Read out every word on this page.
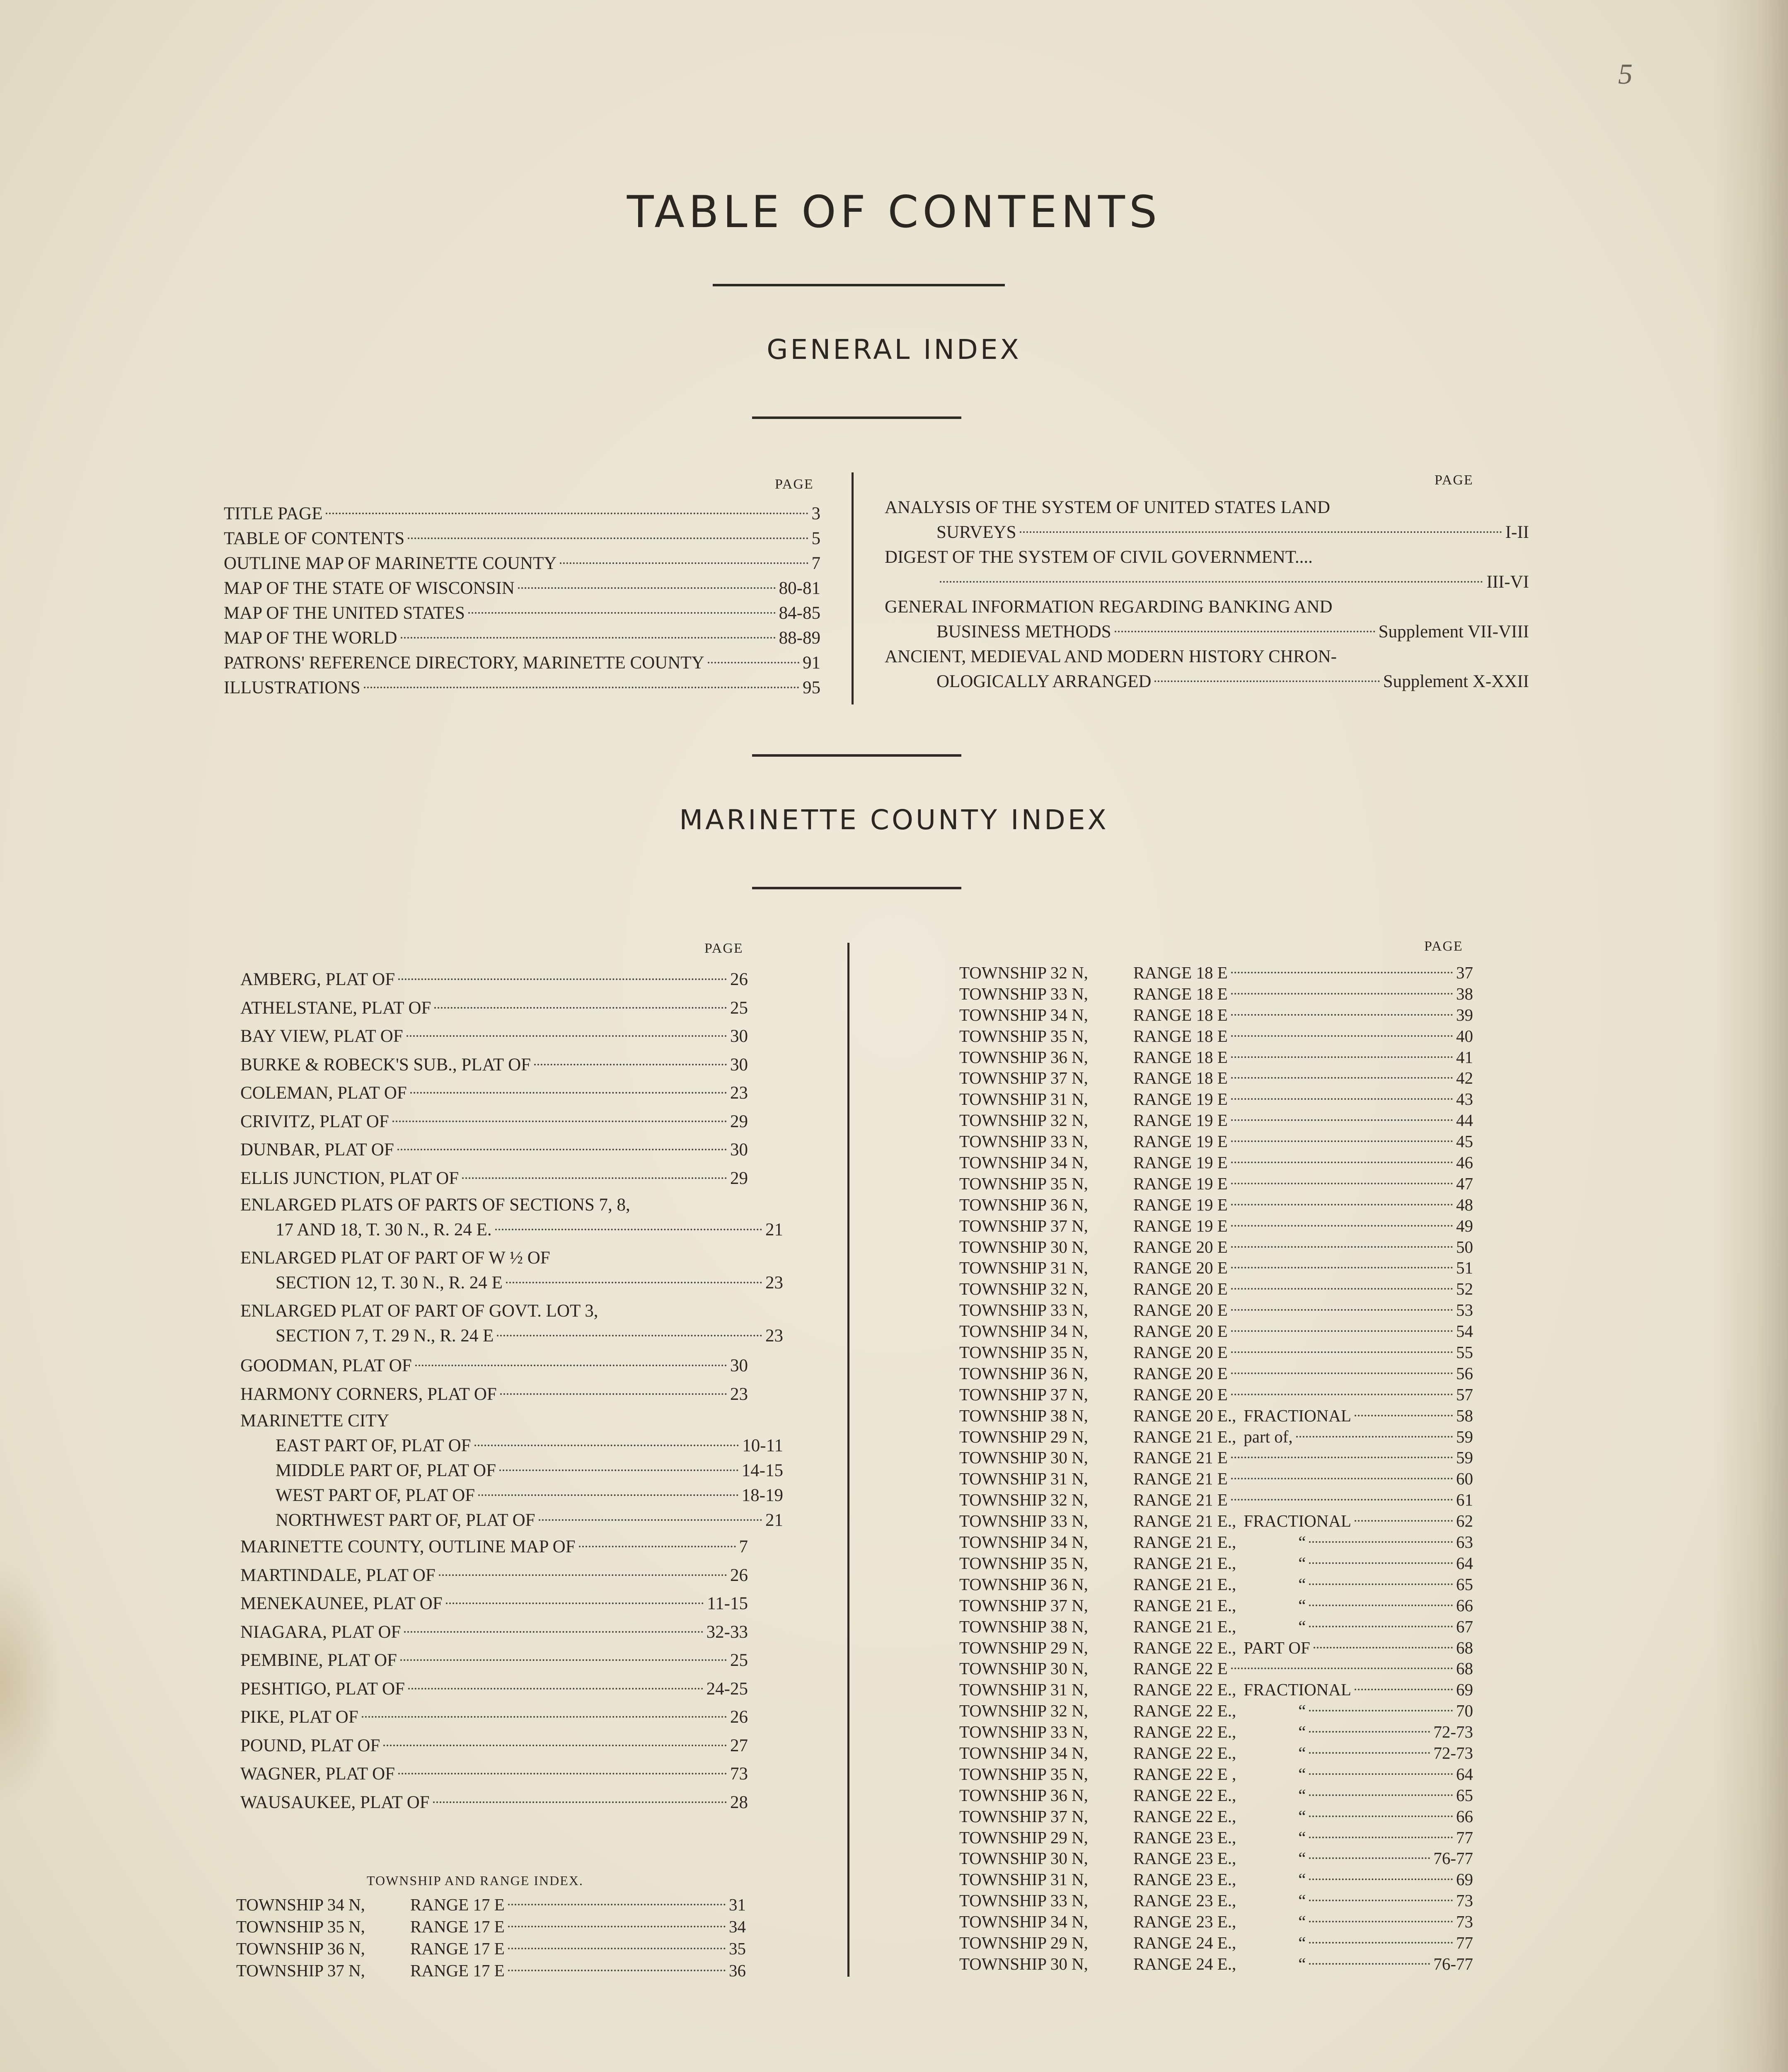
5
TABLE OF CONTENTS
GENERAL INDEX
PAGE
TITLE PAGE	3
TABLE OF CONTENTS	5
OUTLINE MAP OF MARINETTE COUNTY	7
MAP OF THE STATE OF WISCONSIN	80-81
MAP OF THE UNITED STATES	84-85
MAP OF THE WORLD	88-89
PATRONS' REFERENCE DIRECTORY, MARINETTE COUNTY	91
ILLUSTRATIONS	95
PAGE
ANALYSIS OF THE SYSTEM OF UNITED STATES LAND
SURVEYS	I-II
DIGEST OF THE SYSTEM OF CIVIL GOVERNMENT....
III-VI
GENERAL INFORMATION REGARDING BANKING AND
BUSINESS METHODS	Supplement VII-VIII
ANCIENT, MEDIEVAL AND MODERN HISTORY CHRON-
OLOGICALLY ARRANGED	Supplement X-XXII
MARINETTE COUNTY INDEX
PAGE
AMBERG, PLAT OF	26
ATHELSTANE, PLAT OF	25
BAY VIEW, PLAT OF	30
BURKE & ROBECK'S SUB., PLAT OF	30
COLEMAN, PLAT OF	23
CRIVITZ, PLAT OF	29
DUNBAR, PLAT OF	30
ELLIS JUNCTION, PLAT OF	29
ENLARGED PLATS OF PARTS OF SECTIONS 7, 8,
17 AND 18, T. 30 N., R. 24 E.	21
ENLARGED PLAT OF PART OF W ½ OF
SECTION 12, T. 30 N., R. 24 E	23
ENLARGED PLAT OF PART OF GOVT. LOT 3,
SECTION 7, T. 29 N., R. 24 E	23
GOODMAN, PLAT OF	30
HARMONY CORNERS, PLAT OF	23
MARINETTE CITY
EAST PART OF, PLAT OF	10-11
MIDDLE PART OF, PLAT OF	14-15
WEST PART OF, PLAT OF	18-19
NORTHWEST PART OF, PLAT OF	21
MARINETTE COUNTY, OUTLINE MAP OF	7
MARTINDALE, PLAT OF	26
MENEKAUNEE, PLAT OF	11-15
NIAGARA, PLAT OF	32-33
PEMBINE, PLAT OF	25
PESHTIGO, PLAT OF	24-25
PIKE, PLAT OF	26
POUND, PLAT OF	27
WAGNER, PLAT OF	73
WAUSAUKEE, PLAT OF	28
TOWNSHIP AND RANGE INDEX.
TOWNSHIP 34 N,	RANGE 17 E	31
TOWNSHIP 35 N,	RANGE 17 E	34
TOWNSHIP 36 N,	RANGE 17 E	35
TOWNSHIP 37 N,	RANGE 17 E	36
PAGE
TOWNSHIP 32 N,	RANGE 18 E	37
TOWNSHIP 33 N,	RANGE 18 E	38
TOWNSHIP 34 N,	RANGE 18 E	39
TOWNSHIP 35 N,	RANGE 18 E	40
TOWNSHIP 36 N,	RANGE 18 E	41
TOWNSHIP 37 N,	RANGE 18 E	42
TOWNSHIP 31 N,	RANGE 19 E	43
TOWNSHIP 32 N,	RANGE 19 E	44
TOWNSHIP 33 N,	RANGE 19 E	45
TOWNSHIP 34 N,	RANGE 19 E	46
TOWNSHIP 35 N,	RANGE 19 E	47
TOWNSHIP 36 N,	RANGE 19 E	48
TOWNSHIP 37 N,	RANGE 19 E	49
TOWNSHIP 30 N,	RANGE 20 E	50
TOWNSHIP 31 N,	RANGE 20 E	51
TOWNSHIP 32 N,	RANGE 20 E	52
TOWNSHIP 33 N,	RANGE 20 E	53
TOWNSHIP 34 N,	RANGE 20 E	54
TOWNSHIP 35 N,	RANGE 20 E	55
TOWNSHIP 36 N,	RANGE 20 E	56
TOWNSHIP 37 N,	RANGE 20 E	57
TOWNSHIP 38 N,	RANGE 20 E., FRACTIONAL	58
TOWNSHIP 29 N,	RANGE 21 E., part of,	59
TOWNSHIP 30 N,	RANGE 21 E	59
TOWNSHIP 31 N,	RANGE 21 E	60
TOWNSHIP 32 N,	RANGE 21 E	61
TOWNSHIP 33 N,	RANGE 21 E., FRACTIONAL	62
TOWNSHIP 34 N,	RANGE 21 E.,	“	63
TOWNSHIP 35 N,	RANGE 21 E.,	“	64
TOWNSHIP 36 N,	RANGE 21 E.,	“	65
TOWNSHIP 37 N,	RANGE 21 E.,	“	66
TOWNSHIP 38 N,	RANGE 21 E.,	“	67
TOWNSHIP 29 N,	RANGE 22 E., PART OF	68
TOWNSHIP 30 N,	RANGE 22 E	68
TOWNSHIP 31 N,	RANGE 22 E., FRACTIONAL	69
TOWNSHIP 32 N,	RANGE 22 E.,	“	70
TOWNSHIP 33 N,	RANGE 22 E.,	“	72-73
TOWNSHIP 34 N,	RANGE 22 E.,	“	72-73
TOWNSHIP 35 N,	RANGE 22 E ,	“	64
TOWNSHIP 36 N,	RANGE 22 E.,	“	65
TOWNSHIP 37 N,	RANGE 22 E.,	“	66
TOWNSHIP 29 N,	RANGE 23 E.,	“	77
TOWNSHIP 30 N,	RANGE 23 E.,	“	76-77
TOWNSHIP 31 N,	RANGE 23 E.,	“	69
TOWNSHIP 33 N,	RANGE 23 E.,	“	73
TOWNSHIP 34 N,	RANGE 23 E.,	“	73
TOWNSHIP 29 N,	RANGE 24 E.,	“	77
TOWNSHIP 30 N,	RANGE 24 E.,	“	76-77
